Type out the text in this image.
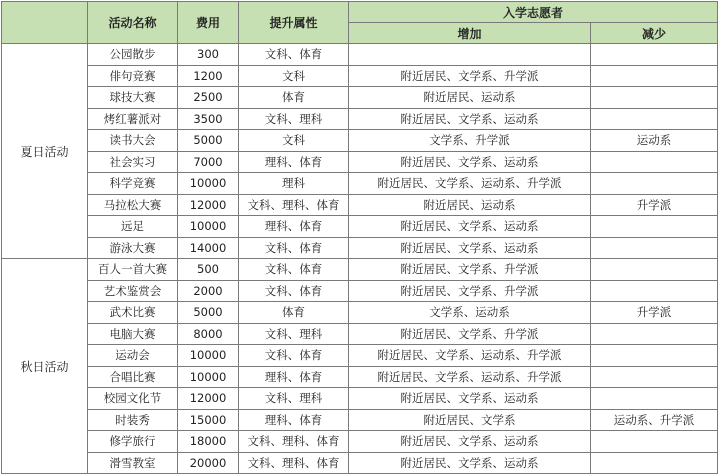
	活动名称	费用	提升属性	入学志愿者	
				增加	减少
夏日活动	公园散步	300	文科、体育		
	俳句竞赛	1200	文科	附近居民、文学系、升学派	
	球技大赛	2500	体育	附近居民、运动系	
	烤红薯派对	3500	文科、理科	附近居民、文学系、运动系	
	读书大会	5000	文科	文学系、升学派	运动系
	社会实习	7000	理科、体育	附近居民、文学系、运动系	
	科学竞赛	10000	理科	附近居民、文学系、运动系、升学派	
	马拉松大赛	12000	文科、理科、体育	附近居民、运动系	升学派
	远足	10000	理科、体育	附近居民、文学系、运动系	
	游泳大赛	14000	文科、体育	附近居民、文学系、运动系	
秋日活动	百人一首大赛	500	文科、体育	附近居民、文学系、升学派	
	艺术鉴赏会	2000	文科、体育	附近居民、文学系、升学派	
	武术比赛	5000	体育	文学系、运动系	升学派
	电脑大赛	8000	文科、理科	附近居民、文学系、升学派	
	运动会	10000	文科、体育	附近居民、文学系、运动系、升学派	
	合唱比赛	10000	理科、体育	附近居民、文学系、运动系、升学派	
	校园文化节	12000	文科、理科	附近居民、文学系、运动系	
	时装秀	15000	理科、体育	附近居民、文学系	运动系、升学派
	修学旅行	18000	文科、理科、体育	附近居民、文学系、运动系	
	滑雪教室	20000	文科、理科、体育	附近居民、文学系、运动系	
